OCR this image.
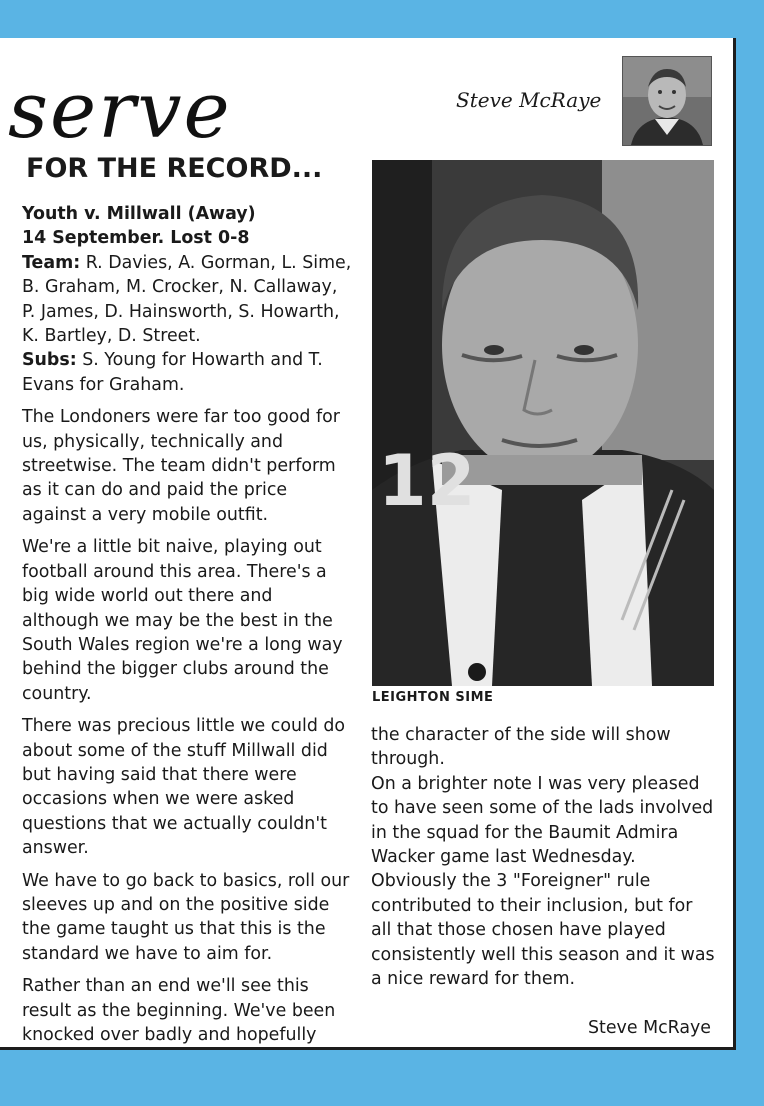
serve
FOR THE RECORD...
Steve McRaye

Youth v. Millwall (Away)
14 September. Lost 0-8
Team: R. Davies, A. Gorman, L. Sime, B. Graham, M. Crocker, N. Callaway, P. James, D. Hainsworth, S. Howarth, K. Bartley, D. Street.
Subs: S. Young for Howarth and T. Evans for Graham.

The Londoners were far too good for us, physically, technically and streetwise. The team didn't perform as it can do and paid the price against a very mobile outfit.

We're a little bit naive, playing out football around this area. There's a big wide world out there and although we may be the best in the South Wales region we're a long way behind the bigger clubs around the country.

There was precious little we could do about some of the stuff Millwall did but having said that there were occasions when we were asked questions that we actually couldn't answer.

We have to go back to basics, roll our sleeves up and on the positive side the game taught us that this is the standard we have to aim for.

Rather than an end we'll see this result as the beginning. We've been knocked over badly and hopefully

12
LEIGHTON SIME

the character of the side will show through.

On a brighter note I was very pleased to have seen some of the lads involved in the squad for the Baumit Admira Wacker game last Wednesday. Obviously the 3 "Foreigner" rule contributed to their inclusion, but for all that those chosen have played consistently well this season and it was a nice reward for them.

Steve McRaye
